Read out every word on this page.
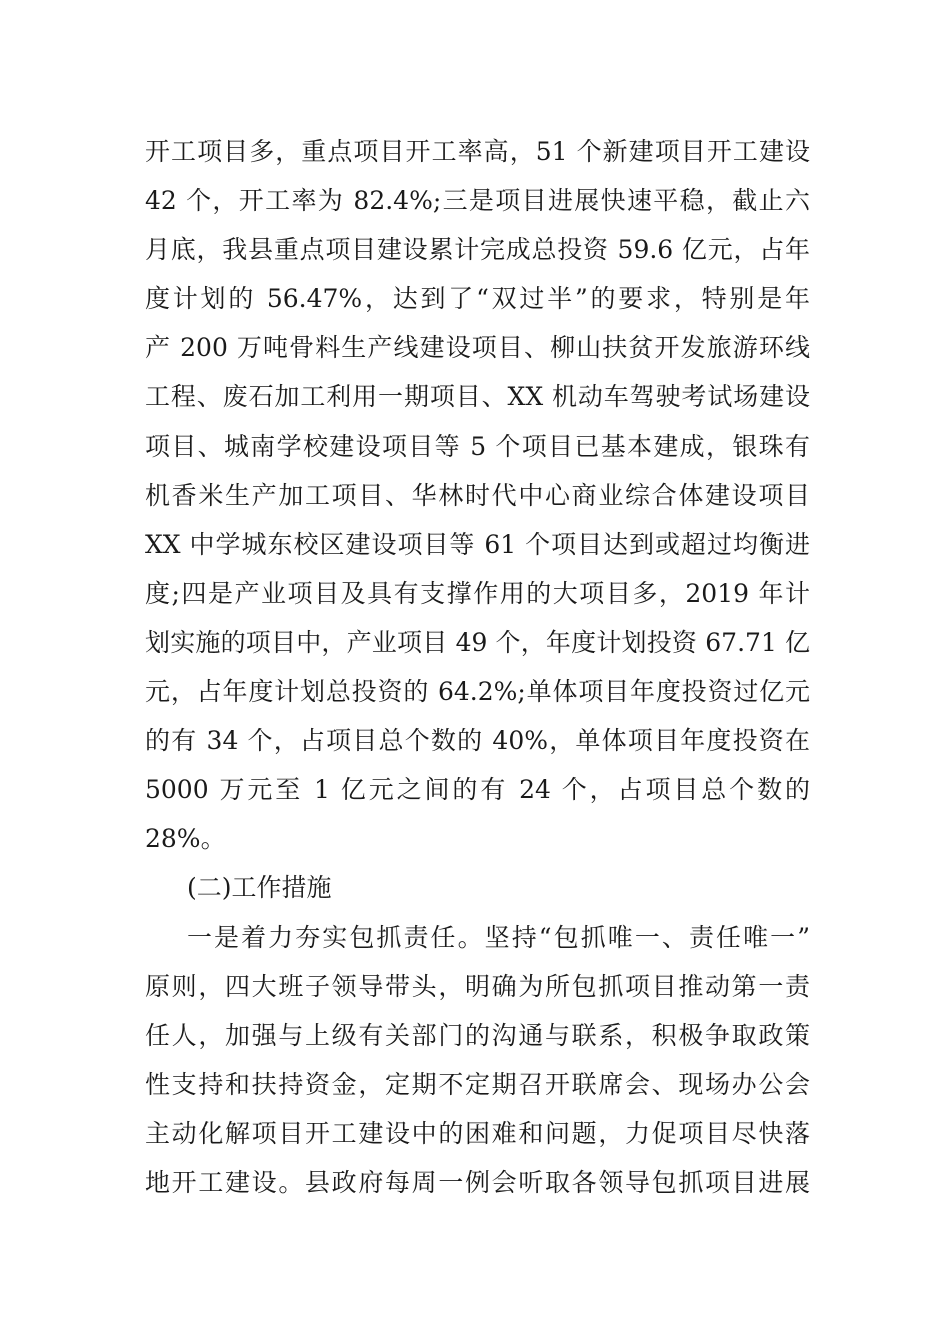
开工项目多，重点项目开工率高，51 个新建项目开工建设
42 个，开工率为 82.4%;三是项目进展快速平稳，截止六
月底，我县重点项目建设累计完成总投资 59.6 亿元，占年
度计划的 56.47%，达到了“双过半”的要求，特别是年
产 200 万吨骨料生产线建设项目、柳山扶贫开发旅游环线
工程、废石加工利用一期项目、XX 机动车驾驶考试场建设
项目、城南学校建设项目等 5 个项目已基本建成，银珠有
机香米生产加工项目、华林时代中心商业综合体建设项目
XX 中学城东校区建设项目等 61 个项目达到或超过均衡进
度;四是产业项目及具有支撑作用的大项目多，2019 年计
划实施的项目中，产业项目 49 个，年度计划投资 67.71 亿
元，占年度计划总投资的 64.2%;单体项目年度投资过亿元
的有 34 个，占项目总个数的 40%，单体项目年度投资在
5000 万元至 1 亿元之间的有 24 个，占项目总个数的
28%。
(二)工作措施
一是着力夯实包抓责任。坚持“包抓唯一、责任唯一”
原则，四大班子领导带头，明确为所包抓项目推动第一责
任人，加强与上级有关部门的沟通与联系，积极争取政策
性支持和扶持资金，定期不定期召开联席会、现场办公会
主动化解项目开工建设中的困难和问题，力促项目尽快落
地开工建设。县政府每周一例会听取各领导包抓项目进展
